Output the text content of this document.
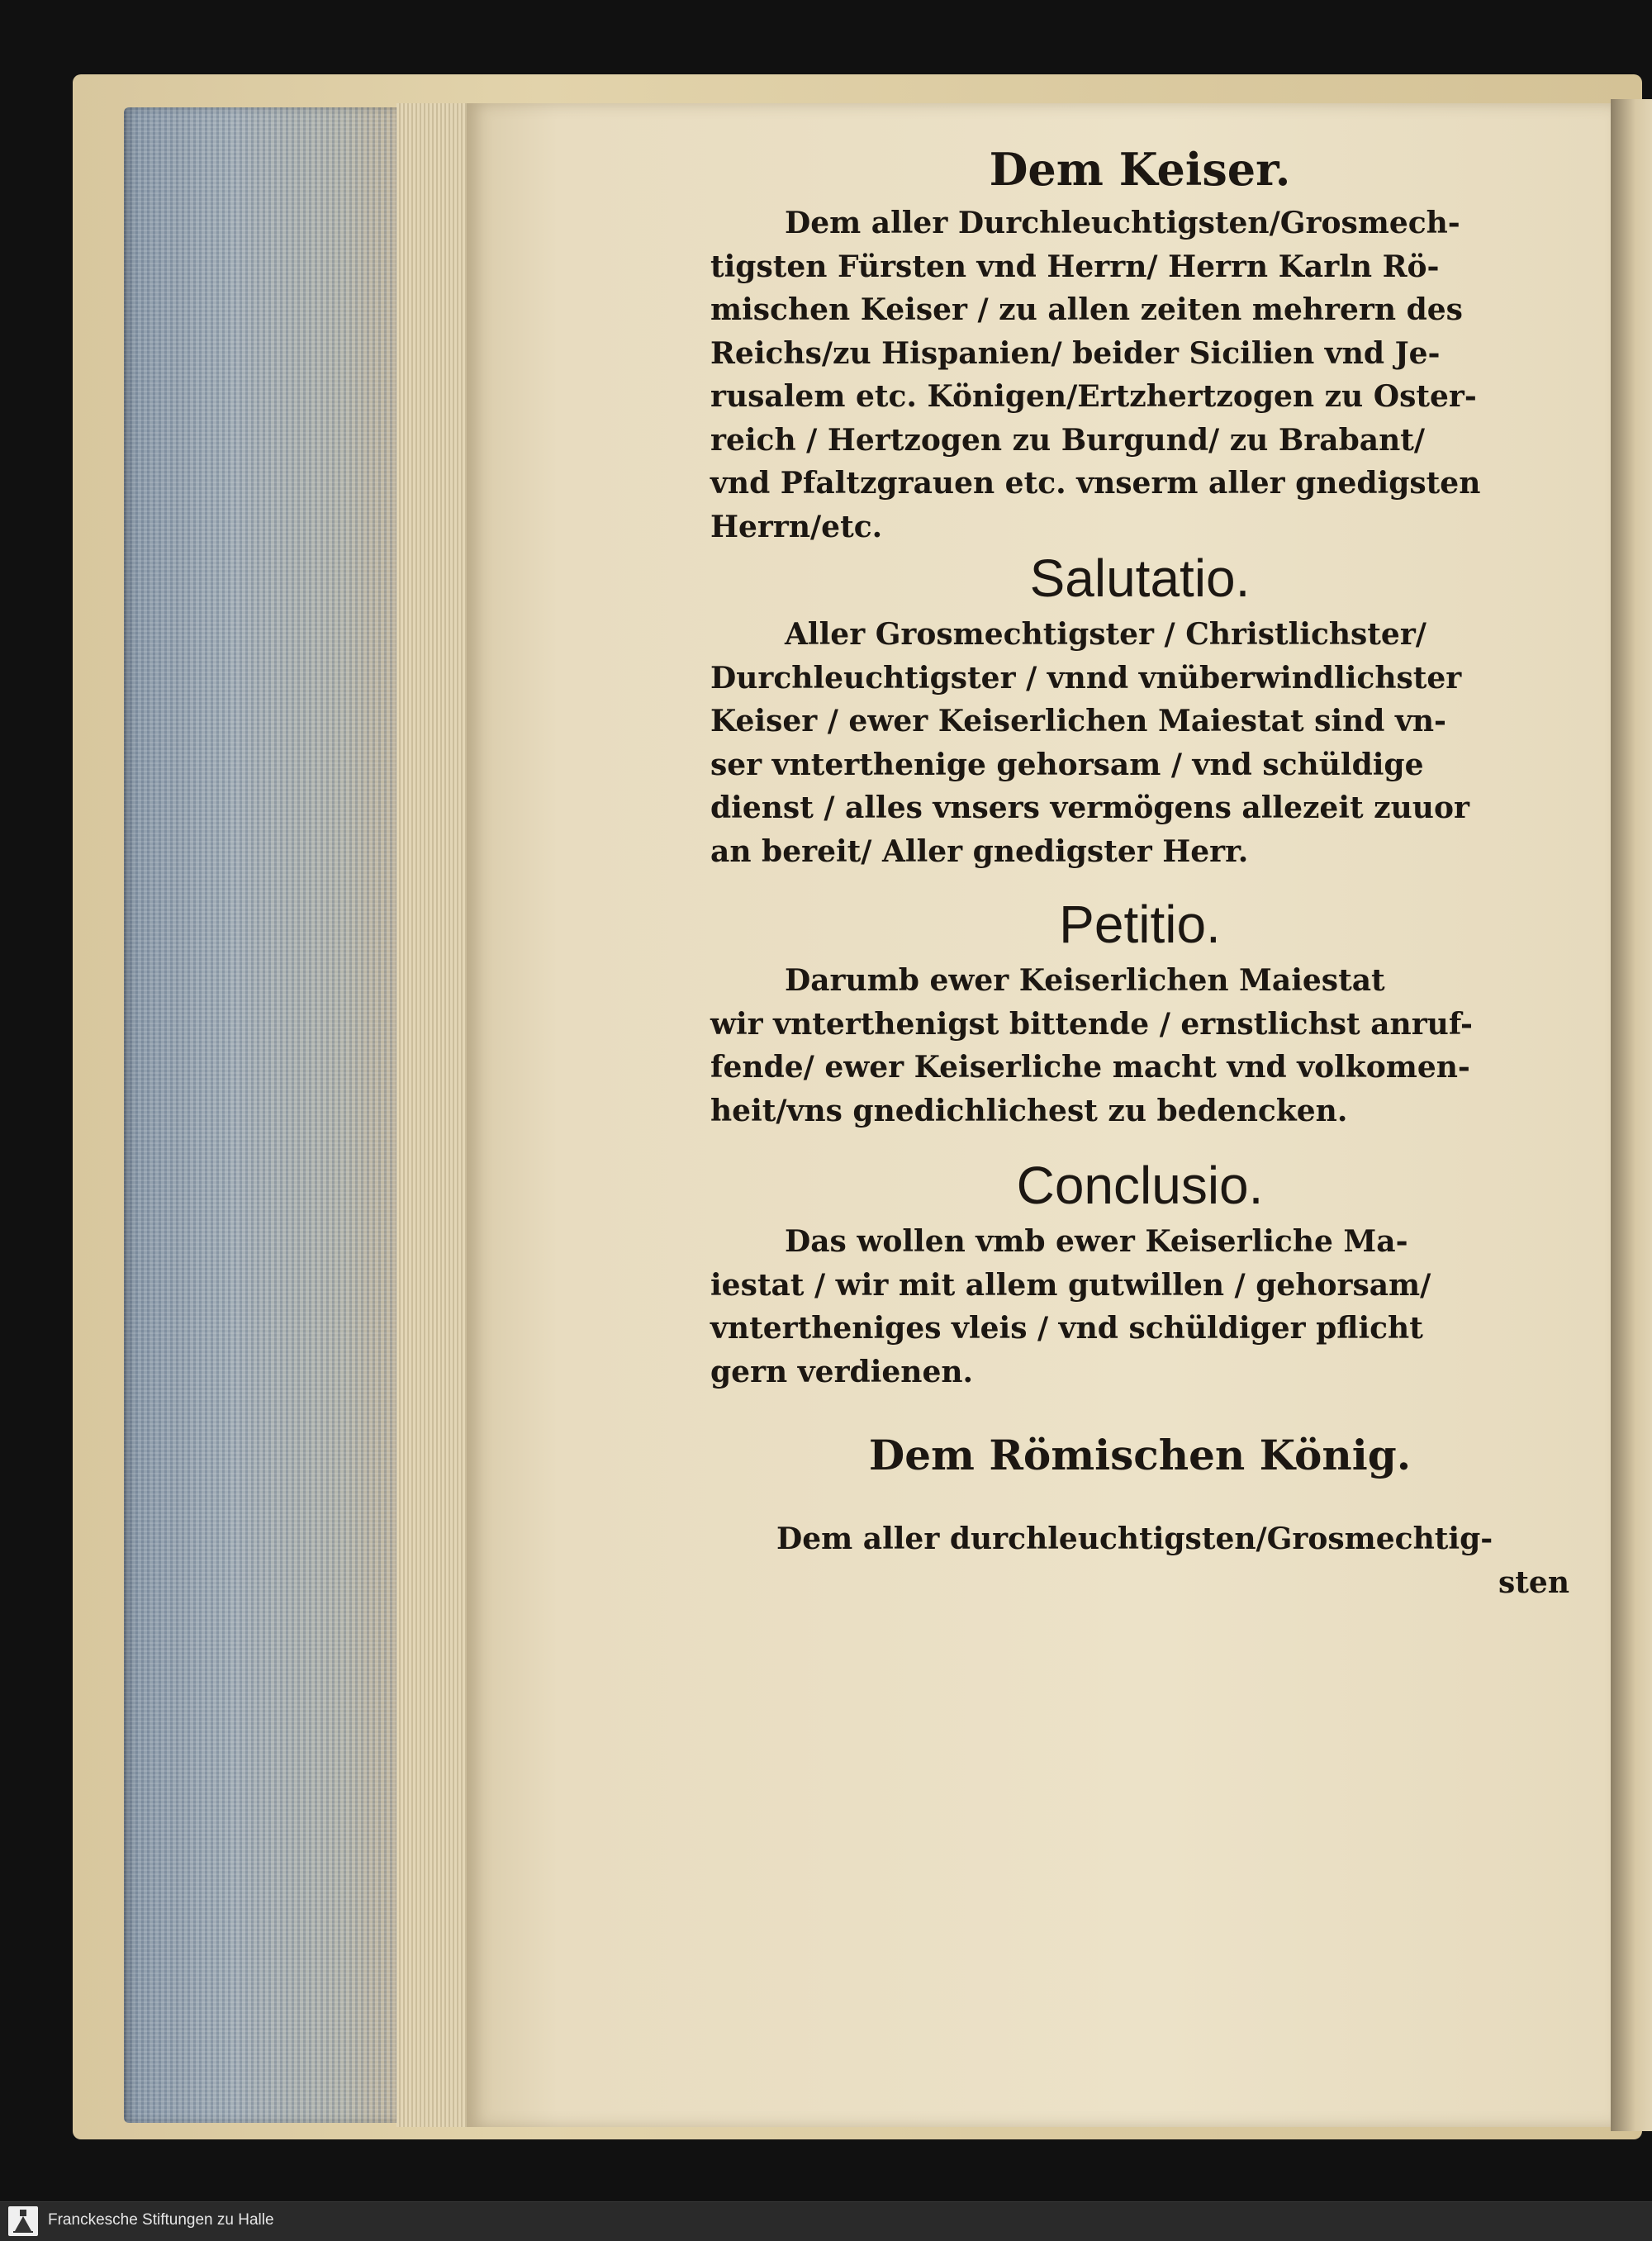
Dem Keiser.

Dem aller Durchleuchtigsten/Grosmech-
tigsten Fürsten vnd Herrn/ Herrn Karln Rö-
mischen Keiser / zu allen zeiten mehrern des
Reichs/zu Hispanien/ beider Sicilien vnd Je-
rusalem etc. Königen/Ertzhertzogen zu Oster-
reich / Hertzogen zu Burgund/ zu Brabant/
vnd Pfaltzgrauen etc. vnserm aller gnedigsten
Herrn/etc.

Salutatio.

Aller Grosmechtigster / Christlichster/
Durchleuchtigster / vnnd vnüberwindlichster
Keiser / ewer Keiserlichen Maiestat sind vn-
ser vnterthenige gehorsam / vnd schüldige
dienst / alles vnsers vermögens allezeit zuuor
an bereit/ Aller gnedigster Herr.

Petitio.

Darumb ewer Keiserlichen Maiestat
wir vnterthenigst bittende / ernstlichst anruf-
fende/ ewer Keiserliche macht vnd volkomen-
heit/vns gnedichlichest zu bedencken.

Conclusio.

Das wollen vmb ewer Keiserliche Ma-
iestat / wir mit allem gutwillen / gehorsam/
vntertheniges vleis / vnd schüldiger pflicht
gern verdienen.

Dem Römischen König.

Dem aller durchleuchtigsten/Grosmechtig-
sten

Franckesche Stiftungen zu Halle
